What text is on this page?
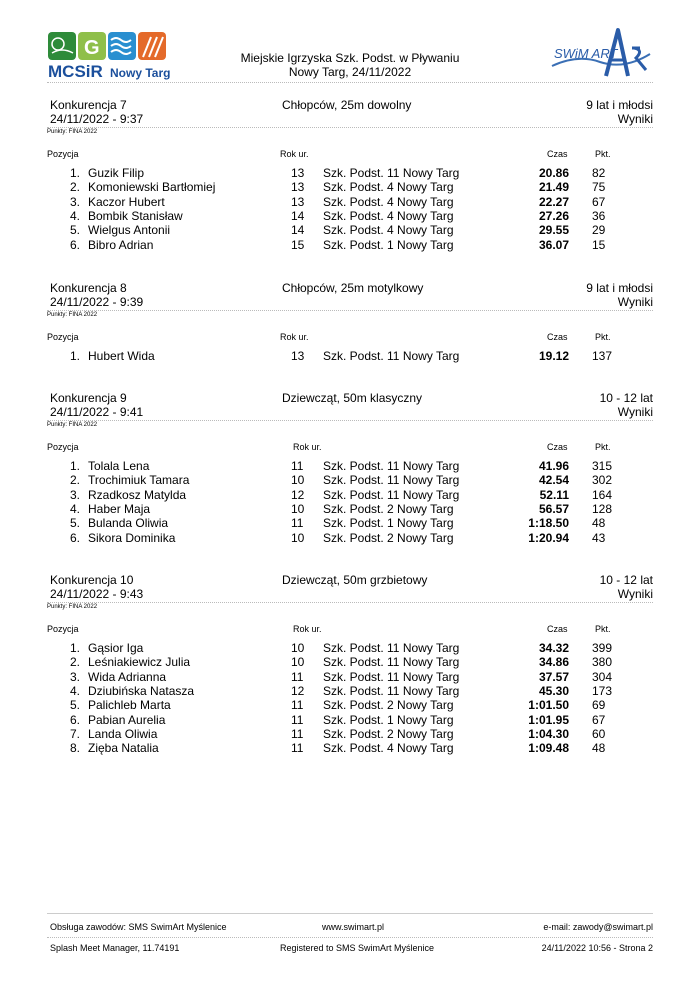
G
MCSiR Nowy Targ
Miejskie Igrzyska Szk. Podst. w Pływaniu
Nowy Targ, 24/11/2022
SWiM ART
Konkurencja 7
24/11/2022 - 9:37
Chłopców, 25m dowolny	9 lat i młodsi
Wyniki
Punkty: FINA 2022
Pozycja	Rok ur.	Czas	Pkt.
1. Guzik Filip	13 Szk. Podst. 11 Nowy Targ	20.86 82
2. Komoniewski Bartłomiej	13 Szk. Podst. 4 Nowy Targ	21.49 75
3. Kaczor Hubert	13 Szk. Podst. 4 Nowy Targ	22.27 67
4. Bombik Stanisław	14 Szk. Podst. 4 Nowy Targ	27.26 36
5. Wielgus Antonii	14 Szk. Podst. 4 Nowy Targ	29.55 29
6. Bibro Adrian	15 Szk. Podst. 1 Nowy Targ	36.07 15
Konkurencja 8
24/11/2022 - 9:39
Chłopców, 25m motylkowy	9 lat i młodsi
Wyniki
Punkty: FINA 2022
Pozycja	Rok ur.	Czas	Pkt.
1. Hubert Wida	13 Szk. Podst. 11 Nowy Targ	19.12 137
Konkurencja 9
24/11/2022 - 9:41
Dziewcząt, 50m klasyczny	10 - 12 lat
Wyniki
Punkty: FINA 2022
Pozycja	Rok ur.	Czas	Pkt.
1. Tolala Lena	11 Szk. Podst. 11 Nowy Targ	41.96 315
2. Trochimiuk Tamara	10 Szk. Podst. 11 Nowy Targ	42.54 302
3. Rzadkosz Matylda	12 Szk. Podst. 11 Nowy Targ	52.11 164
4. Haber Maja	10 Szk. Podst. 2 Nowy Targ	56.57 128
5. Bulanda Oliwia	11 Szk. Podst. 1 Nowy Targ	1:18.50 48
6. Sikora Dominika	10 Szk. Podst. 2 Nowy Targ	1:20.94 43
Konkurencja 10
24/11/2022 - 9:43
Dziewcząt, 50m grzbietowy	10 - 12 lat
Wyniki
Punkty: FINA 2022
Pozycja	Rok ur.	Czas	Pkt.
1. Gąsior Iga	10 Szk. Podst. 11 Nowy Targ	34.32 399
2. Leśniakiewicz Julia	10 Szk. Podst. 11 Nowy Targ	34.86 380
3. Wida Adrianna	11 Szk. Podst. 11 Nowy Targ	37.57 304
4. Dziubińska Natasza	12 Szk. Podst. 11 Nowy Targ	45.30 173
5. Palichleb Marta	11 Szk. Podst. 2 Nowy Targ	1:01.50 69
6. Pabian Aurelia	11 Szk. Podst. 1 Nowy Targ	1:01.95 67
7. Landa Oliwia	11 Szk. Podst. 2 Nowy Targ	1:04.30 60
8. Zięba Natalia	11 Szk. Podst. 4 Nowy Targ	1:09.48 48
Obsługa zawodów: SMS SwimArt Myślenice	www.swimart.pl	e-mail: zawody@swimart.pl
Splash Meet Manager, 11.74191	Registered to SMS SwimArt Myślenice	24/11/2022 10:56 - Strona 2
